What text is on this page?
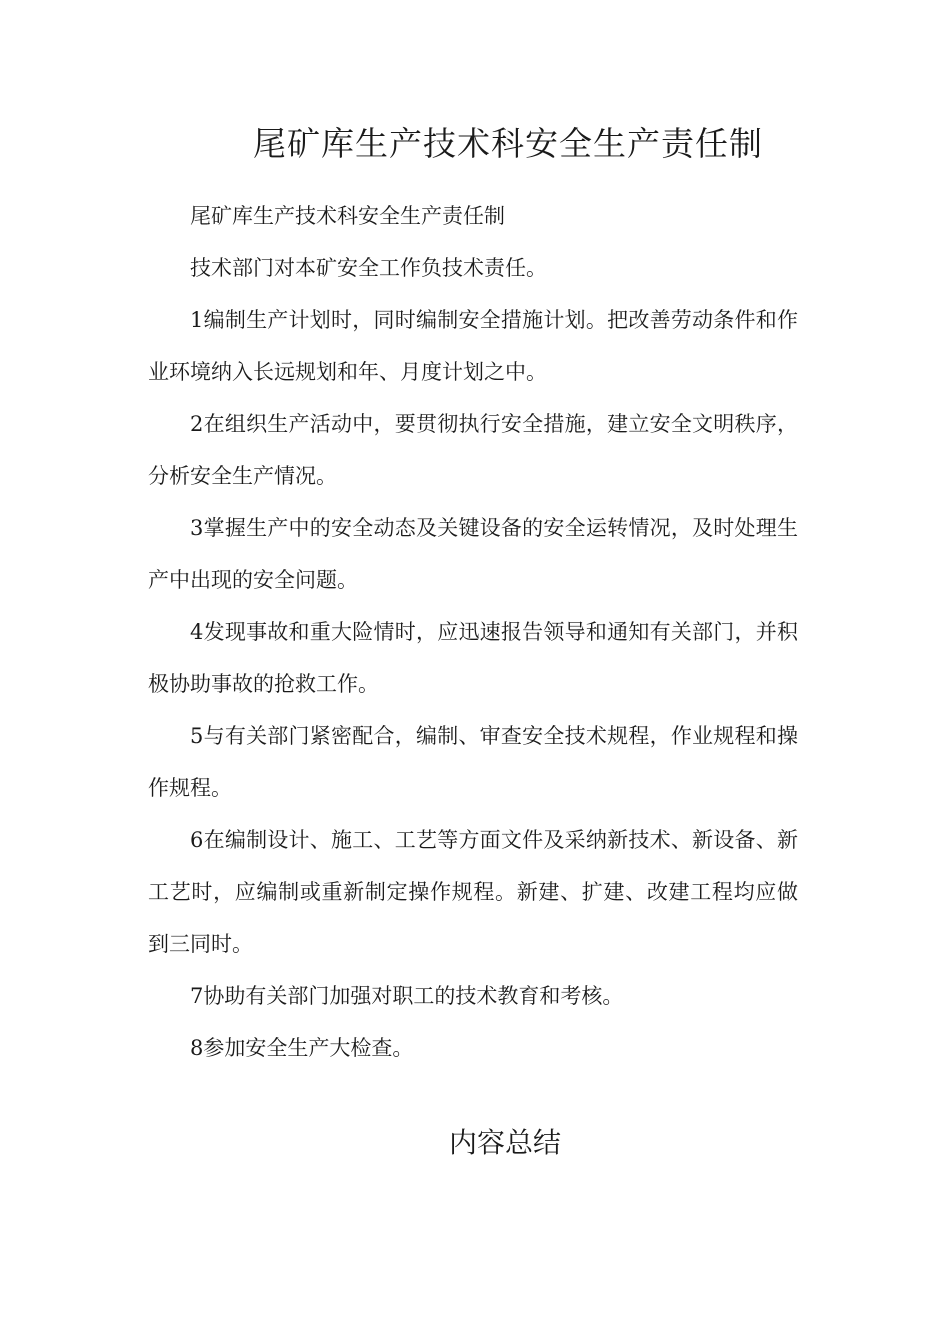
尾矿库生产技术科安全生产责任制

尾矿库生产技术科安全生产责任制

技术部门对本矿安全工作负技术责任。

1编制生产计划时，同时编制安全措施计划。把改善劳动条件和作业环境纳入长远规划和年、月度计划之中。

2在组织生产活动中，要贯彻执行安全措施，建立安全文明秩序，分析安全生产情况。

3掌握生产中的安全动态及关键设备的安全运转情况，及时处理生产中出现的安全问题。

4发现事故和重大险情时，应迅速报告领导和通知有关部门，并积极协助事故的抢救工作。

5与有关部门紧密配合，编制、审查安全技术规程，作业规程和操作规程。

6在编制设计、施工、工艺等方面文件及采纳新技术、新设备、新工艺时，应编制或重新制定操作规程。新建、扩建、改建工程均应做到三同时。

7协助有关部门加强对职工的技术教育和考核。

8参加安全生产大检查。

内容总结
